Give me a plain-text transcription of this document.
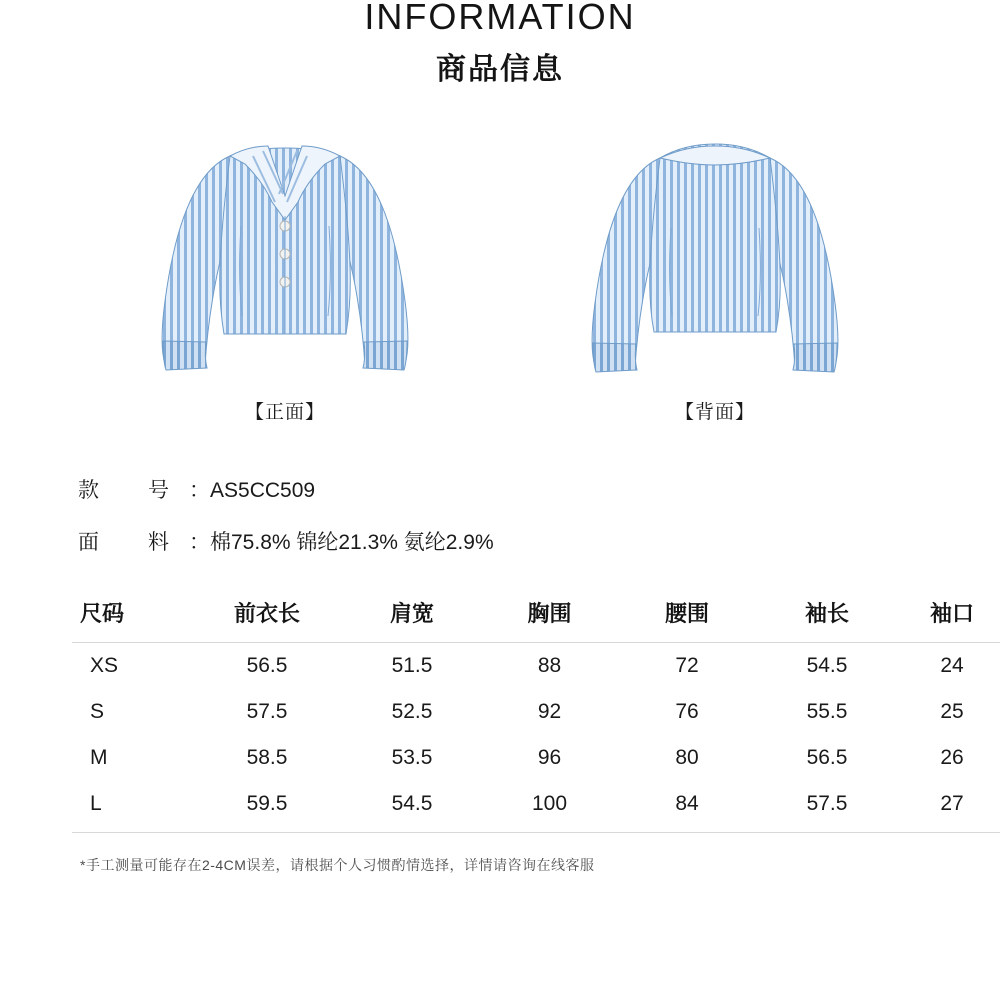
INFORMATION
商品信息
【正面】	【背面】
款　号 ： AS5CC509
面　料 ： 棉75.8% 锦纶21.3% 氨纶2.9%
尺码	前衣长	肩宽	胸围	腰围	袖长	袖口
XS	56.5	51.5	88	72	54.5	24
S	57.5	52.5	92	76	55.5	25
M	58.5	53.5	96	80	56.5	26
L	59.5	54.5	100	84	57.5	27
*手工测量可能存在2-4CM误差，请根据个人习惯酌情选择，详情请咨询在线客服
